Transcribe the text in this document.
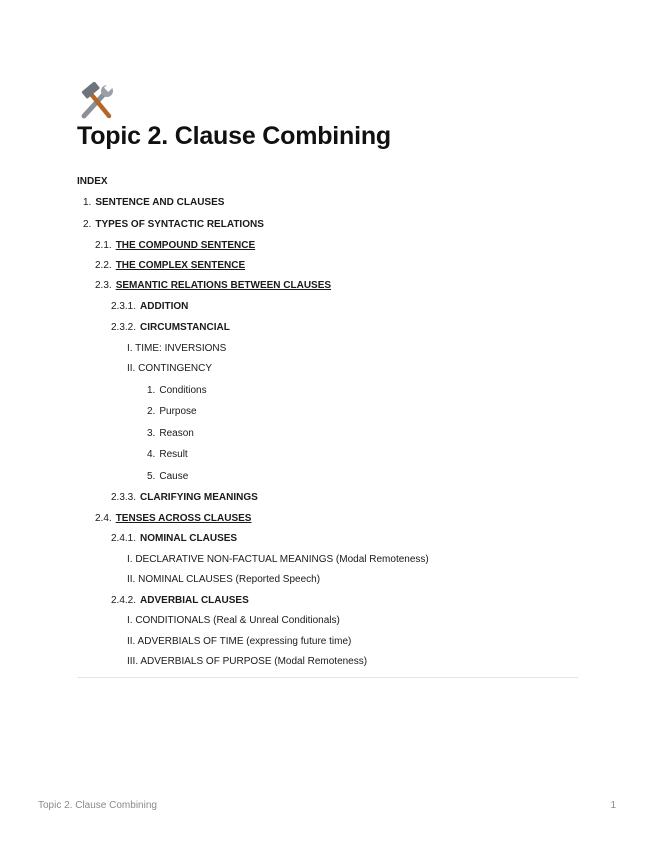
Topic 2. Clause Combining
INDEX
1. SENTENCE AND CLAUSES
2. TYPES OF SYNTACTIC RELATIONS
2.1. THE COMPOUND SENTENCE
2.2. THE COMPLEX SENTENCE
2.3. SEMANTIC RELATIONS BETWEEN CLAUSES
2.3.1. ADDITION
2.3.2. CIRCUMSTANCIAL
I. TIME: INVERSIONS
II. CONTINGENCY
1. Conditions
2. Purpose
3. Reason
4. Result
5. Cause
2.3.3. CLARIFYING MEANINGS
2.4. TENSES ACROSS CLAUSES
2.4.1. NOMINAL CLAUSES
I. DECLARATIVE NON-FACTUAL MEANINGS (Modal Remoteness)
II. NOMINAL CLAUSES (Reported Speech)
2.4.2. ADVERBIAL CLAUSES
I. CONDITIONALS (Real & Unreal Conditionals)
II. ADVERBIALS OF TIME (expressing future time)
III. ADVERBIALS OF PURPOSE (Modal Remoteness)
Topic 2. Clause Combining	1
